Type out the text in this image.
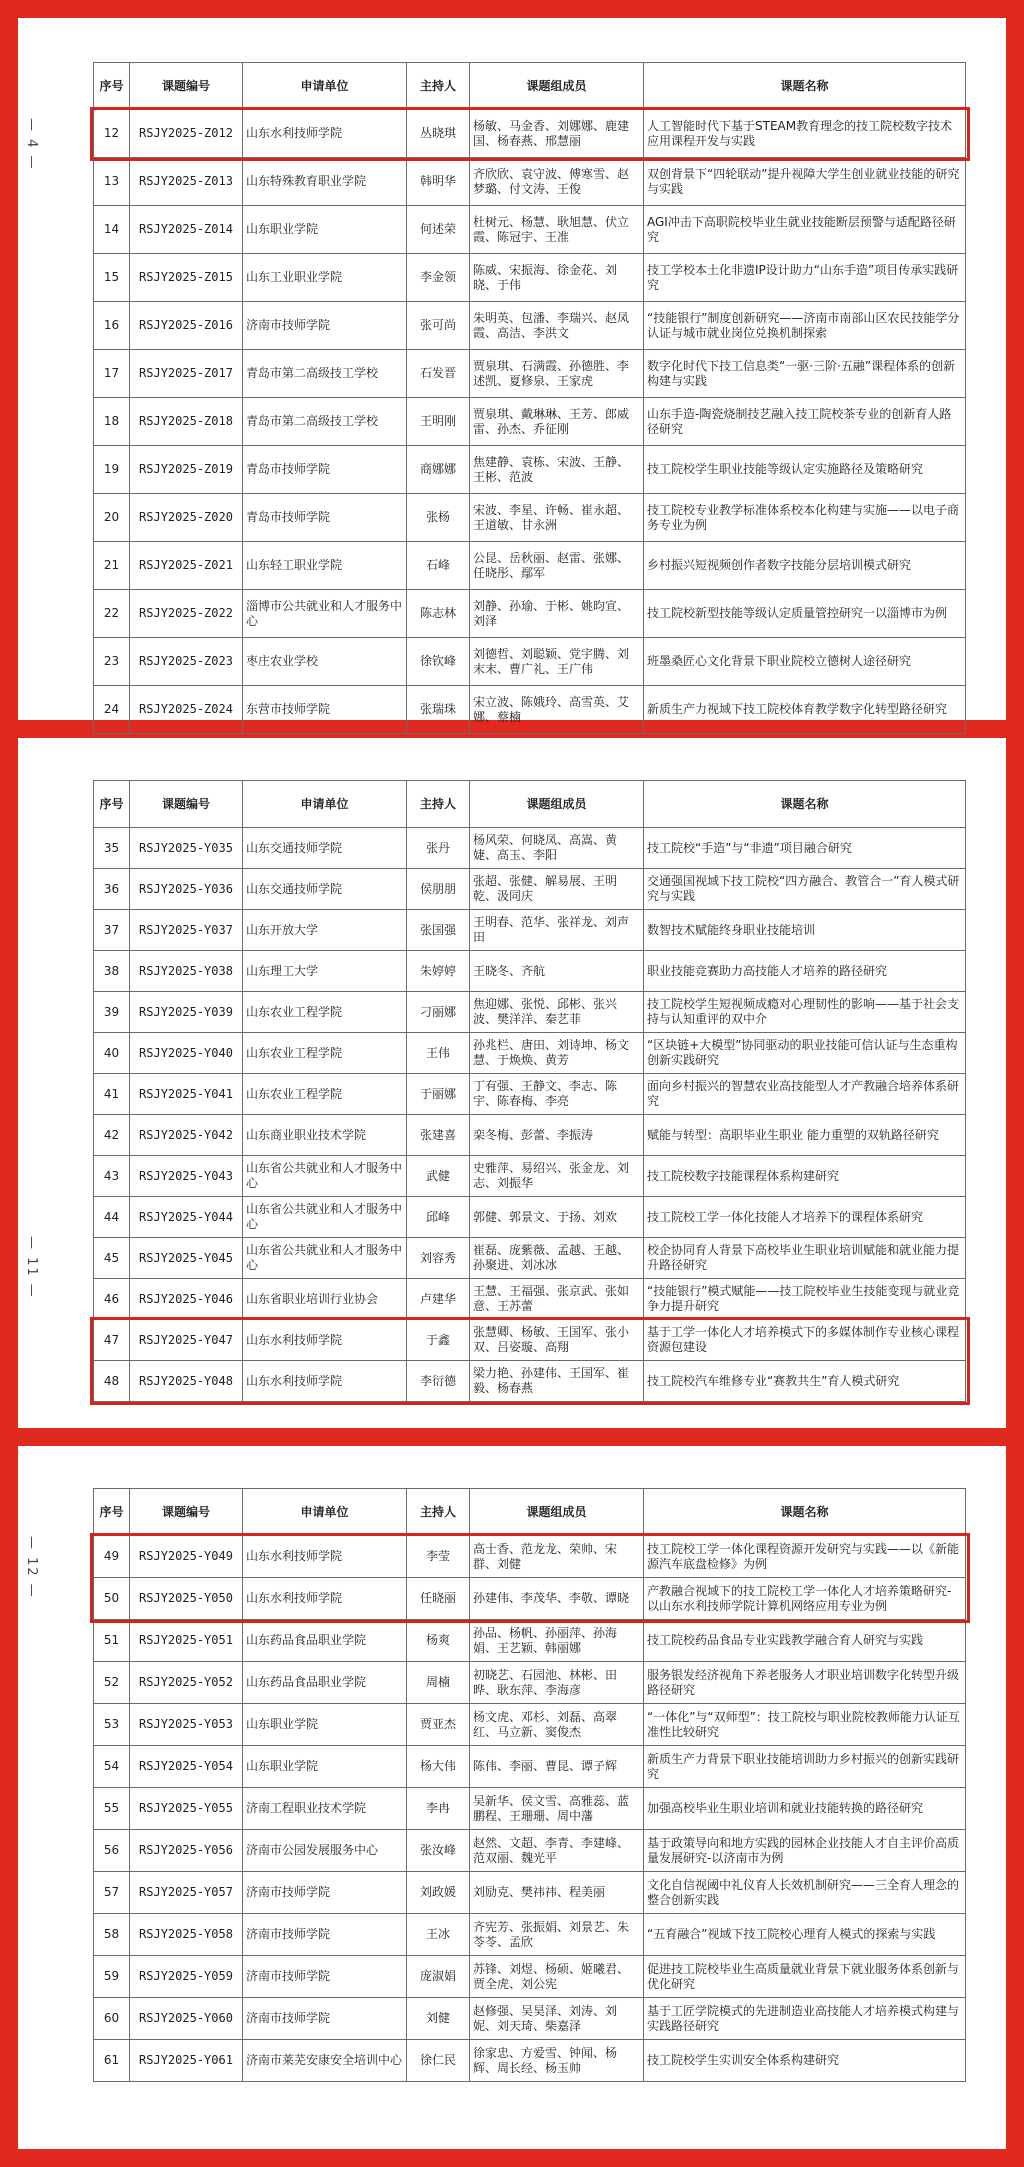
— 4 —
序号	课题编号	申请单位	主持人	课题组成员	课题名称
12	RSJY2025-Z012	山东水利技师学院	丛晓琪	杨敏、马金香、刘娜娜、鹿建国、杨春燕、邢慧丽	人工智能时代下基于STEAM教育理念的技工院校数字技术应用课程开发与实践
13	RSJY2025-Z013	山东特殊教育职业学院	韩明华	齐欣欣、袁守波、傅寒雪、赵梦璐、付文涛、王俊	双创背景下“四轮联动”提升视障大学生创业就业技能的研究与实践
14	RSJY2025-Z014	山东职业学院	何述荣	杜树元、杨慧、耿旭慧、伏立霞、陈冠宇、王准	AGI冲击下高职院校毕业生就业技能断层预警与适配路径研究
15	RSJY2025-Z015	山东工业职业学院	李金领	陈威、宋振海、徐金花、刘晓、于伟	技工学校本土化非遗IP设计助力“山东手造”项目传承实践研究
16	RSJY2025-Z016	济南市技师学院	张可尚	朱明英、包潘、李瑞兴、赵凤霞、高洁、李洪文	“技能银行”制度创新研究——济南市南部山区农民技能学分认证与城市就业岗位兑换机制探索
17	RSJY2025-Z017	青岛市第二高级技工学校	石发晋	贾泉琪、石满霞、孙德胜、李述凯、夏修泉、王家虎	数字化时代下技工信息类“一驱·三阶·五融”课程体系的创新构建与实践
18	RSJY2025-Z018	青岛市第二高级技工学校	王明刚	贾泉琪、戴琳琳、王芳、郎威雷、孙杰、乔征刚	山东手造-陶瓷烧制技艺融入技工院校茶专业的创新育人路径研究
19	RSJY2025-Z019	青岛市技师学院	商娜娜	焦建静、袁栋、宋波、王静、王彬、范波	技工院校学生职业技能等级认定实施路径及策略研究
20	RSJY2025-Z020	青岛市技师学院	张杨	宋波、李星、许畅、崔永超、王道敏、甘永洲	技工院校专业教学标准体系校本化构建与实施——以电子商务专业为例
21	RSJY2025-Z021	山东轻工职业学院	石峰	公昆、岳秋丽、赵雷、张娜、任晓彤、鄢军	乡村振兴短视频创作者数字技能分层培训模式研究
22	RSJY2025-Z022	淄博市公共就业和人才服务中心	陈志林	刘静、孙瑜、于彬、姚昀宣、刘泽	技工院校新型技能等级认定质量管控研究一以淄博市为例
23	RSJY2025-Z023	枣庄农业学校	徐钦峰	刘德哲、刘聪颖、党宇腾、刘末末、曹广礼、王广伟	班墨桑匠心文化背景下职业院校立德树人途径研究
24	RSJY2025-Z024	东营市技师学院	张瑞珠	宋立波、陈娥玲、高雪英、艾娜、蔡楠	新质生产力视域下技工院校体育教学数字化转型路径研究
— 11 —
序号	课题编号	申请单位	主持人	课题组成员	课题名称
35	RSJY2025-Y035	山东交通技师学院	张丹	杨风荣、何晓凤、高嵩、黄婕、高玉、李阳	技工院校“手造”与“非遗”项目融合研究
36	RSJY2025-Y036	山东交通技师学院	侯朋朋	张超、张健、解易展、王明乾、汲同庆	交通强国视域下技工院校“四方融合、教管合一”育人模式研究与实践
37	RSJY2025-Y037	山东开放大学	张国强	王明春、范华、张祥龙、刘声田	数智技术赋能终身职业技能培训
38	RSJY2025-Y038	山东理工大学	朱婷婷	王晓冬、齐航	职业技能竞赛助力高技能人才培养的路径研究
39	RSJY2025-Y039	山东农业工程学院	刁丽娜	焦迎娜、张悦、邱彬、张兴波、樊洋洋、秦艺菲	技工院校学生短视频成瘾对心理韧性的影响——基于社会支持与认知重评的双中介
40	RSJY2025-Y040	山东农业工程学院	王伟	孙兆栏、唐田、刘诗坤、杨文慧、于焕焕、黄芳	“区块链+大模型”协同驱动的职业技能可信认证与生态重构创新实践研究
41	RSJY2025-Y041	山东农业工程学院	于丽娜	丁有强、王静文、李志、陈宇、陈春梅、李亮	面向乡村振兴的智慧农业高技能型人才产教融合培养体系研究
42	RSJY2025-Y042	山东商业职业技术学院	张建喜	栾冬梅、彭蕾、李振涛	赋能与转型：高职毕业生职业 能力重塑的双轨路径研究
43	RSJY2025-Y043	山东省公共就业和人才服务中心	武健	史雅萍、易绍兴、张金龙、刘志、刘振华	技工院校数字技能课程体系构建研究
44	RSJY2025-Y044	山东省公共就业和人才服务中心	邱峰	郭健、郭景文、于扬、刘欢	技工院校工学一体化技能人才培养下的课程体系研究
45	RSJY2025-Y045	山东省公共就业和人才服务中心	刘容秀	崔磊、庞紫薇、孟越、王越、孙聚进、刘冰冰	校企协同育人背景下高校毕业生职业培训赋能和就业能力提升路径研究
46	RSJY2025-Y046	山东省职业培训行业协会	卢建华	王慧、王福强、张京武、张如意、王苏蕾	“技能银行”模式赋能——技工院校毕业生技能变现与就业竞争力提升研究
47	RSJY2025-Y047	山东水利技师学院	于鑫	张慧卿、杨敏、王国军、张小双、吕姿璇、高翔	基于工学一体化人才培养模式下的多媒体制作专业核心课程资源包建设
48	RSJY2025-Y048	山东水利技师学院	李衍德	梁力艳、孙建伟、王国军、崔毅、杨春燕	技工院校汽车维修专业“赛教共生”育人模式研究
— 12 —
序号	课题编号	申请单位	主持人	课题组成员	课题名称
49	RSJY2025-Y049	山东水利技师学院	李莹	高士香、范龙龙、荣帅、宋群、刘健	技工院校工学一体化课程资源开发研究与实践——以《新能源汽车底盘检修》为例
50	RSJY2025-Y050	山东水利技师学院	任晓丽	孙建伟、李茂华、李敬、谭晓	产教融合视域下的技工院校工学一体化人才培养策略研究-以山东水利技师学院计算机网络应用专业为例
51	RSJY2025-Y051	山东药品食品职业学院	杨爽	孙品、杨帆、孙丽萍、孙海娟、王艺颖、韩丽娜	技工院校药品食品专业实践教学融合育人研究与实践
52	RSJY2025-Y052	山东药品食品职业学院	周楠	初晓艺、石园池、林彬、田晔、耿东萍、李海彦	服务银发经济视角下养老服务人才职业培训数字化转型升级路径研究
53	RSJY2025-Y053	山东职业学院	贾亚杰	杨文虎、邓杉、刘磊、高翠红、马立新、窦俊杰	“一体化”与“双师型”：技工院校与职业院校教师能力认证互准性比较研究
54	RSJY2025-Y054	山东职业学院	杨大伟	陈伟、李丽、曹昆、谭子辉	新质生产力背景下职业技能培训助力乡村振兴的创新实践研究
55	RSJY2025-Y055	济南工程职业技术学院	李冉	吴新华、侯文雪、高雅蕊、蓝鹏程、王珊珊、周中藩	加强高校毕业生职业培训和就业技能转换的路径研究
56	RSJY2025-Y056	济南市公园发展服务中心	张汝峰	赵然、文超、李青、李建峰、范双丽、魏光平	基于政策导向和地方实践的园林企业技能人才自主评价高质量发展研究-以济南市为例
57	RSJY2025-Y057	济南市技师学院	刘政媛	刘励克、樊祎祎、程美丽	文化自信视阈中礼仪育人长效机制研究——三全育人理念的整合创新实践
58	RSJY2025-Y058	济南市技师学院	王冰	齐宪芳、张振娟、刘景艺、朱苓苓、孟欣	“五育融合”视域下技工院校心理育人模式的探索与实践
59	RSJY2025-Y059	济南市技师学院	庞淑娟	苏锋、刘煜、杨硕、姬曦君、贾全虎、刘公宪	促进技工院校毕业生高质量就业背景下就业服务体系创新与优化研究
60	RSJY2025-Y060	济南市技师学院	刘健	赵修强、吴昊泽、刘涛、刘妮、刘天琦、柴嘉泽	基于工匠学院模式的先进制造业高技能人才培养模式构建与实践路径研究
61	RSJY2025-Y061	济南市莱芜安康安全培训中心	徐仁民	徐家忠、方爱雪、钟闻、杨辉、周长经、杨玉帅	技工院校学生实训安全体系构建研究
